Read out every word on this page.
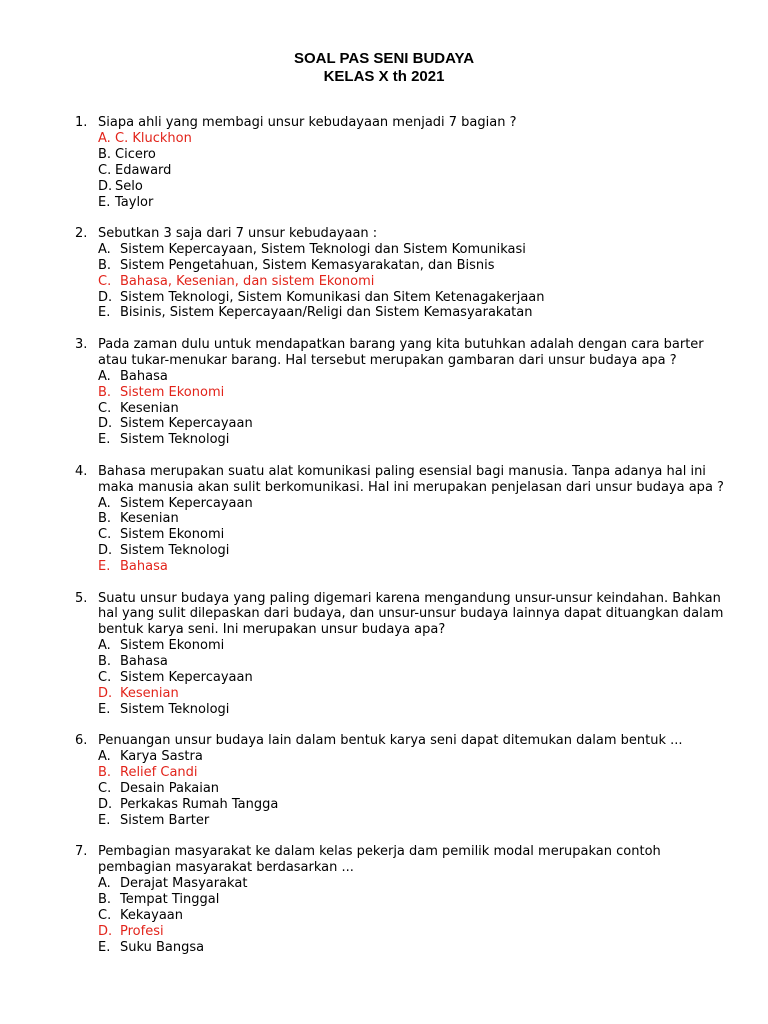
SOAL PAS SENI BUDAYA
KELAS X th 2021
1. Siapa ahli yang membagi unsur kebudayaan menjadi 7 bagian ?
A. C. Kluckhon
B. Cicero
C. Edaward
D. Selo
E. Taylor
2. Sebutkan 3 saja dari 7 unsur kebudayaan :
A. Sistem Kepercayaan, Sistem Teknologi dan Sistem Komunikasi
B. Sistem Pengetahuan, Sistem Kemasyarakatan, dan Bisnis
C. Bahasa, Kesenian, dan sistem Ekonomi
D. Sistem Teknologi, Sistem Komunikasi dan Sitem Ketenagakerjaan
E. Bisinis, Sistem Kepercayaan/Religi dan Sistem Kemasyarakatan
3. Pada zaman dulu untuk mendapatkan barang yang kita butuhkan adalah dengan cara barter atau tukar-menukar barang. Hal tersebut merupakan gambaran dari unsur budaya apa ?
A. Bahasa
B. Sistem Ekonomi
C. Kesenian
D. Sistem Kepercayaan
E. Sistem Teknologi
4. Bahasa merupakan suatu alat komunikasi paling esensial bagi manusia. Tanpa adanya hal ini maka manusia akan sulit berkomunikasi. Hal ini merupakan penjelasan dari unsur budaya apa ?
A. Sistem Kepercayaan
B. Kesenian
C. Sistem Ekonomi
D. Sistem Teknologi
E. Bahasa
5. Suatu unsur budaya yang paling digemari karena mengandung unsur-unsur keindahan. Bahkan hal yang sulit dilepaskan dari budaya, dan unsur-unsur budaya lainnya dapat dituangkan dalam bentuk karya seni. Ini merupakan unsur budaya apa?
A. Sistem Ekonomi
B. Bahasa
C. Sistem Kepercayaan
D. Kesenian
E. Sistem Teknologi
6. Penuangan unsur budaya lain dalam bentuk karya seni dapat ditemukan dalam bentuk ...
A. Karya Sastra
B. Relief Candi
C. Desain Pakaian
D. Perkakas Rumah Tangga
E. Sistem Barter
7. Pembagian masyarakat ke dalam kelas pekerja dam pemilik modal merupakan contoh pembagian masyarakat berdasarkan ...
A. Derajat Masyarakat
B. Tempat Tinggal
C. Kekayaan
D. Profesi
E. Suku Bangsa
